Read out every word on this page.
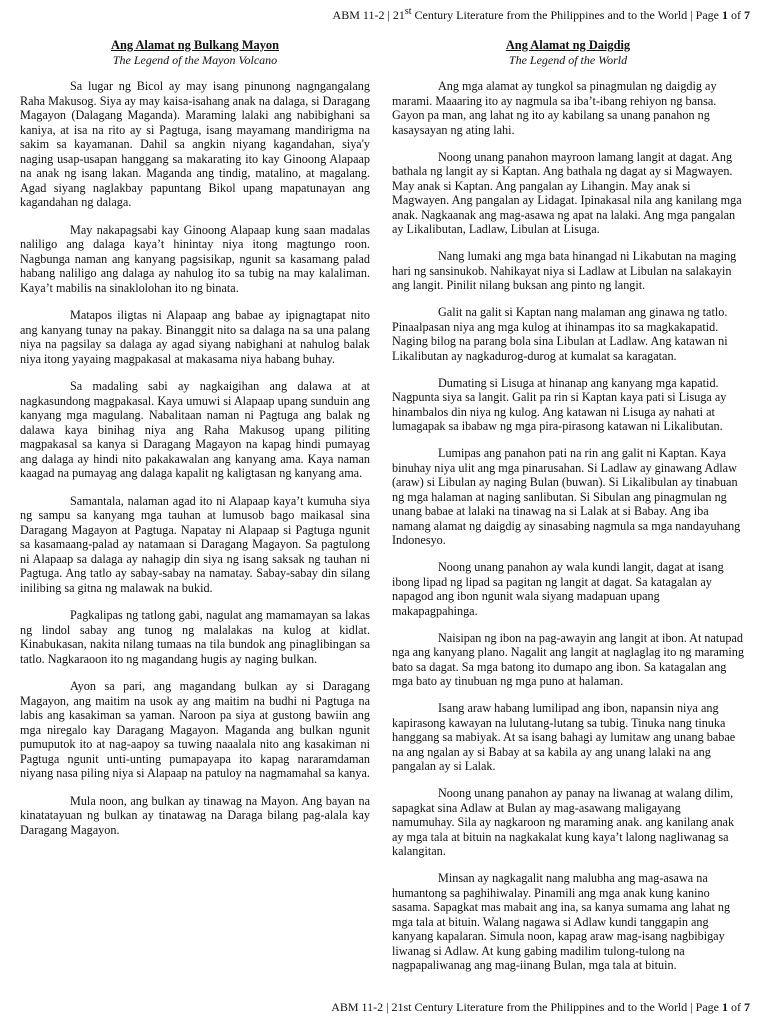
ABM 11-2 | 21st Century Literature from the Philippines and to the World | Page 1 of 7
Ang Alamat ng Bulkang Mayon
The Legend of the Mayon Volcano

Sa lugar ng Bicol ay may isang pinunong nagngangalang Raha Makusog. Siya ay may kaisa-isahang anak na dalaga, si Daragang Magayon (Dalagang Maganda). Maraming lalaki ang nabibighani sa kaniya, at isa na rito ay si Pagtuga, isang mayamang mandirigma na sakim sa kayamanan. Dahil sa angkin niyang kagandahan, siya'y naging usap-usapan hanggang sa makarating ito kay Ginoong Alapaap na anak ng isang lakan. Maganda ang tindig, matalino, at magalang. Agad siyang naglakbay papuntang Bikol upang mapatunayan ang kagandahan ng dalaga.

May nakapagsabi kay Ginoong Alapaap kung saan madalas naliligo ang dalaga kaya’t hinintay niya itong magtungo roon. Nagbunga naman ang kanyang pagsisikap, ngunit sa kasamang palad habang naliligo ang dalaga ay nahulog ito sa tubig na may kalaliman. Kaya’t mabilis na sinaklolohan ito ng binata.

Matapos iligtas ni Alapaap ang babae ay ipignagtapat nito ang kanyang tunay na pakay. Binanggit nito sa dalaga na sa una palang niya na pagsilay sa dalaga ay agad siyang nabighani at nahulog balak niya itong yayaing magpakasal at makasama niya habang buhay.

Sa madaling sabi ay nagkaigihan ang dalawa at at nagkasundong magpakasal. Kaya umuwi si Alapaap upang sunduin ang kanyang mga magulang. Nabalitaan naman ni Pagtuga ang balak ng dalawa kaya binihag niya ang Raha Makusog upang piliting magpakasal sa kanya si Daragang Magayon na kapag hindi pumayag ang dalaga ay hindi nito pakakawalan ang kanyang ama. Kaya naman kaagad na pumayag ang dalaga kapalit ng kaligtasan ng kanyang ama.

Samantala, nalaman agad ito ni Alapaap kaya’t kumuha siya ng sampu sa kanyang mga tauhan at lumusob bago maikasal sina Daragang Magayon at Pagtuga. Napatay ni Alapaap si Pagtuga ngunit sa kasamaang-palad ay natamaan si Daragang Magayon. Sa pagtulong ni Alapaap sa dalaga ay nahagip din siya ng isang saksak ng tauhan ni Pagtuga. Ang tatlo ay sabay-sabay na namatay. Sabay-sabay din silang inilibing sa gitna ng malawak na bukid.

Pagkalipas ng tatlong gabi, nagulat ang mamamayan sa lakas ng lindol sabay ang tunog ng malalakas na kulog at kidlat. Kinabukasan, nakita nilang tumaas na tila bundok ang pinaglibingan sa tatlo. Nagkaraoon ito ng magandang hugis ay naging bulkan.

Ayon sa pari, ang magandang bulkan ay si Daragang Magayon, ang maitim na usok ay ang maitim na budhi ni Pagtuga na labis ang kasakiman sa yaman. Naroon pa siya at gustong bawiin ang mga niregalo kay Daragang Magayon. Maganda ang bulkan ngunit pumuputok ito at nag-aapoy sa tuwing naaalala nito ang kasakiman ni Pagtuga ngunit unti-unting pumapayapa ito kapag nararamdaman niyang nasa piling niya si Alapaap na patuloy na nagmamahal sa kanya.

Mula noon, ang bulkan ay tinawag na Mayon. Ang bayan na kinatatayuan ng bulkan ay tinatawag na Daraga bilang pag-alala kay Daragang Magayon.

Ang Alamat ng Daigdig
The Legend of the World

Ang mga alamat ay tungkol sa pinagmulan ng daigdig ay marami. Maaaring ito ay nagmula sa iba’t-ibang rehiyon ng bansa. Gayon pa man, ang lahat ng ito ay kabilang sa unang panahon ng kasaysayan ng ating lahi.

Noong unang panahon mayroon lamang langit at dagat. Ang bathala ng langit ay si Kaptan. Ang bathala ng dagat ay si Magwayen. May anak si Kaptan. Ang pangalan ay Lihangin. May anak si Magwayen. Ang pangalan ay Lidagat. Ipinakasal nila ang kanilang mga anak. Nagkaanak ang mag-asawa ng apat na lalaki. Ang mga pangalan ay Likalibutan, Ladlaw, Libulan at Lisuga.

Nang lumaki ang mga bata hinangad ni Likabutan na maging hari ng sansinukob. Nahikayat niya si Ladlaw at Libulan na salakayin ang langit. Pinilit nilang buksan ang pinto ng langit.

Galit na galit si Kaptan nang malaman ang ginawa ng tatlo. Pinaalpasan niya ang mga kulog at ihinampas ito sa magkakapatid. Naging bilog na parang bola sina Libulan at Ladlaw. Ang katawan ni Likalibutan ay nagkadurog-durog at kumalat sa karagatan.

Dumating si Lisuga at hinanap ang kanyang mga kapatid. Nagpunta siya sa langit. Galit pa rin si Kaptan kaya pati si Lisuga ay hinambalos din niya ng kulog. Ang katawan ni Lisuga ay nahati at lumagapak sa ibabaw ng mga pira-pirasong katawan ni Likalibutan.

Lumipas ang panahon pati na rin ang galit ni Kaptan. Kaya binuhay niya ulit ang mga pinarusahan. Si Ladlaw ay ginawang Adlaw (araw) si Libulan ay naging Bulan (buwan). Si Likalibulan ay tinabuan ng mga halaman at naging sanlibutan. Si Sibulan ang pinagmulan ng unang babae at lalaki na tinawag na si Lalak at si Babay. Ang iba namang alamat ng daigdig ay sinasabing nagmula sa mga nandayuhang Indonesyo.

Noong unang panahon ay wala kundi langit, dagat at isang ibong lipad ng lipad sa pagitan ng langit at dagat. Sa katagalan ay napagod ang ibon ngunit wala siyang madapuan upang makapagpahinga.

Naisipan ng ibon na pag-awayin ang langit at ibon. At natupad nga ang kanyang plano. Nagalit ang langit at naglaglag ito ng maraming bato sa dagat. Sa mga batong ito dumapo ang ibon. Sa katagalan ang mga bato ay tinubuan ng mga puno at halaman.

Isang araw habang lumilipad ang ibon, napansin niya ang kapirasong kawayan na lulutang-lutang sa tubig. Tinuka nang tinuka hanggang sa mabiyak. At sa isang bahagi ay lumitaw ang unang babae na ang ngalan ay si Babay at sa kabila ay ang unang lalaki na ang pangalan ay si Lalak.

Noong unang panahon ay panay na liwanag at walang dilim, sapagkat sina Adlaw at Bulan ay mag-asawang maligayang namumuhay. Sila ay nagkaroon ng maraming anak. ang kanilang anak ay mga tala at bituin na nagkakalat kung kaya’t lalong nagliwanag sa kalangitan.

Minsan ay nagkagalit nang malubha ang mag-asawa na humantong sa paghihiwalay. Pinamili ang mga anak kung kanino sasama. Sapagkat mas mabait ang ina, sa kanya sumama ang lahat ng mga tala at bituin. Walang nagawa si Adlaw kundi tanggapin ang kanyang kapalaran. Simula noon, kapag araw mag-isang nagbibigay liwanag si Adlaw. At kung gabing madilim tulong-tulong na nagpapaliwanag ang mag-iinang Bulan, mga tala at bituin.

ABM 11-2 | 21st Century Literature from the Philippines and to the World | Page 1 of 7
